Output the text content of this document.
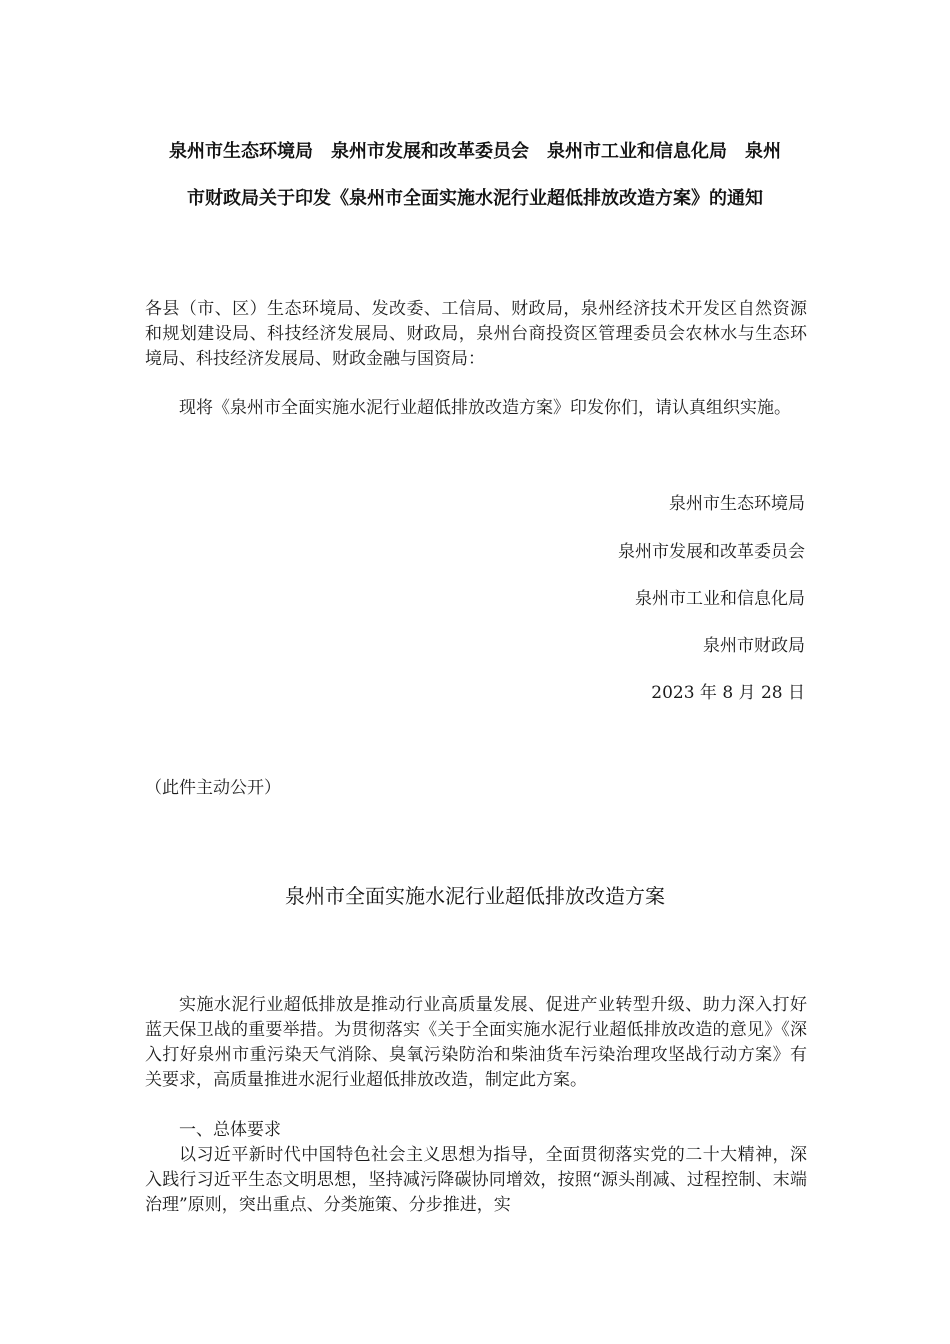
泉州市生态环境局　泉州市发展和改革委员会　泉州市工业和信息化局　泉州
市财政局关于印发《泉州市全面实施水泥行业超低排放改造方案》的通知

各县（市、区）生态环境局、发改委、工信局、财政局，泉州经济技术开发区自然资源和规划建设局、科技经济发展局、财政局，泉州台商投资区管理委员会农林水与生态环境局、科技经济发展局、财政金融与国资局：

现将《泉州市全面实施水泥行业超低排放改造方案》印发你们，请认真组织实施。

泉州市生态环境局
泉州市发展和改革委员会
泉州市工业和信息化局
泉州市财政局
2023 年 8 月 28 日
（此件主动公开）
泉州市全面实施水泥行业超低排放改造方案

实施水泥行业超低排放是推动行业高质量发展、促进产业转型升级、助力深入打好蓝天保卫战的重要举措。为贯彻落实《关于全面实施水泥行业超低排放改造的意见》《深入打好泉州市重污染天气消除、臭氧污染防治和柴油货车污染治理攻坚战行动方案》有关要求，高质量推进水泥行业超低排放改造，制定此方案。

一、总体要求

以习近平新时代中国特色社会主义思想为指导，全面贯彻落实党的二十大精神，深入践行习近平生态文明思想，坚持减污降碳协同增效，按照“源头削减、过程控制、末端治理”原则，突出重点、分类施策、分步推进，实
